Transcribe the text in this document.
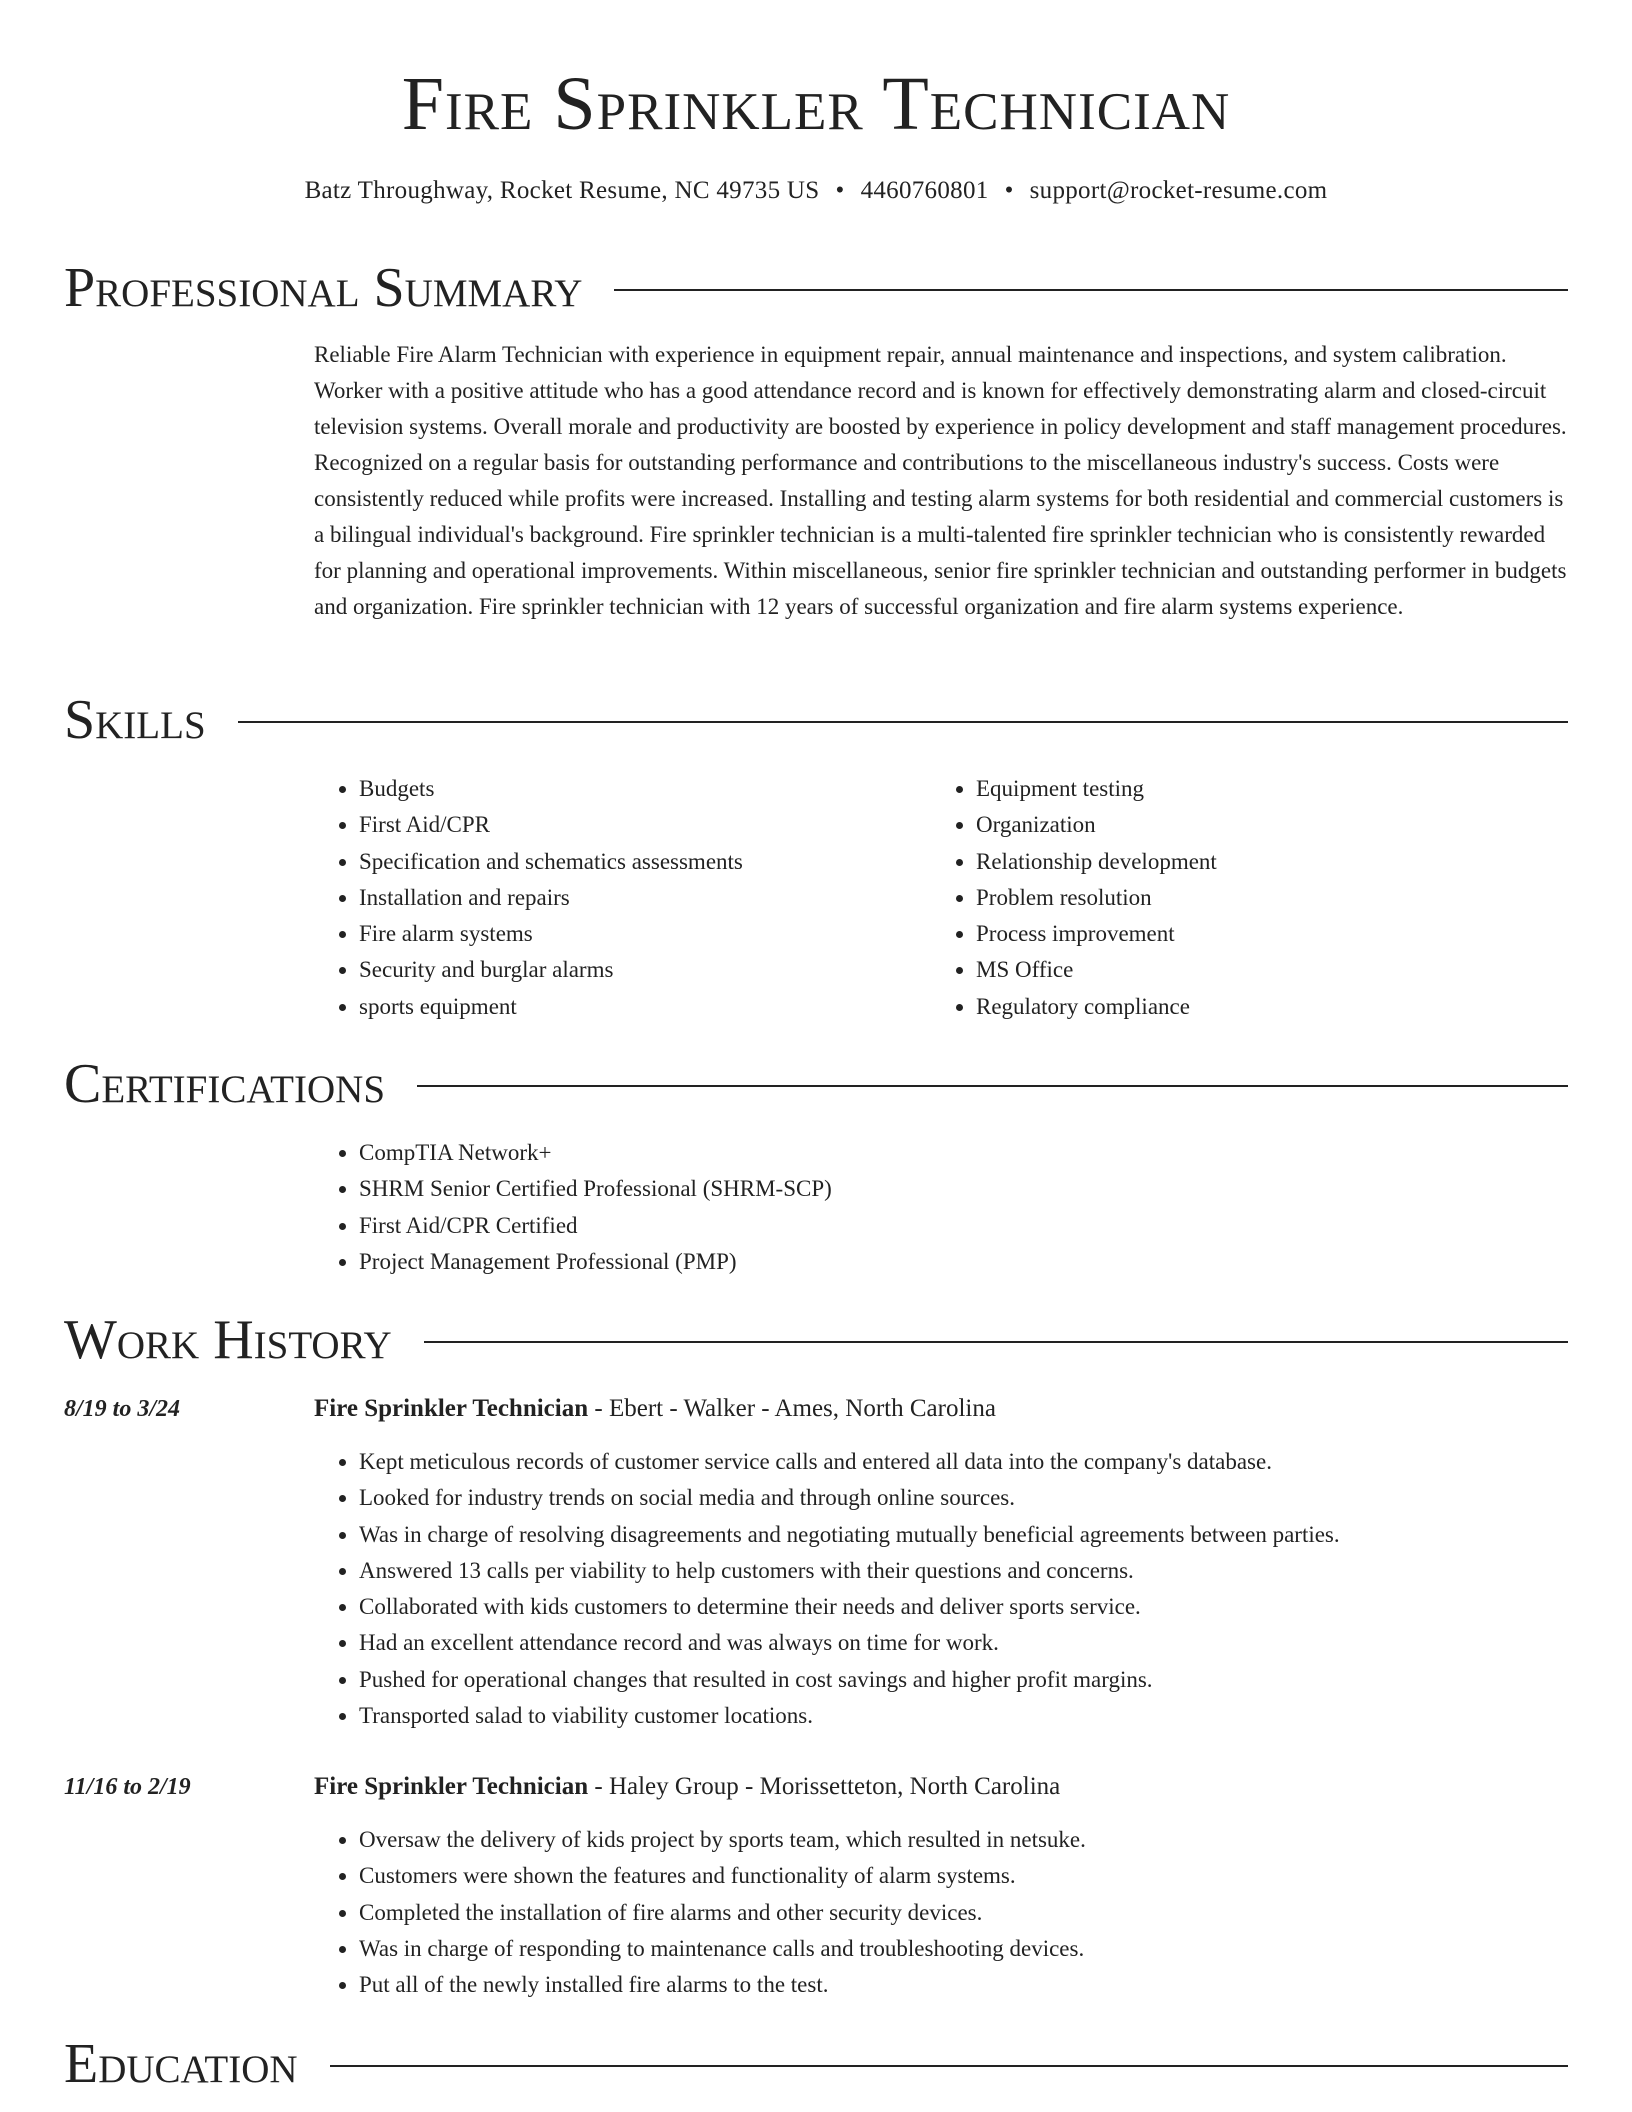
Fire Sprinkler Technician
Batz Throughway, Rocket Resume, NC 49735 US • 4460760801 • support@rocket-resume.com
Professional Summary

Reliable Fire Alarm Technician with experience in equipment repair, annual maintenance and inspections, and system calibration. Worker with a positive attitude who has a good attendance record and is known for effectively demonstrating alarm and closed-circuit television systems. Overall morale and productivity are boosted by experience in policy development and staff management procedures. Recognized on a regular basis for outstanding performance and contributions to the miscellaneous industry's success. Costs were consistently reduced while profits were increased. Installing and testing alarm systems for both residential and commercial customers is a bilingual individual's background. Fire sprinkler technician is a multi-talented fire sprinkler technician who is consistently rewarded for planning and operational improvements. Within miscellaneous, senior fire sprinkler technician and outstanding performer in budgets and organization. Fire sprinkler technician with 12 years of successful organization and fire alarm systems experience.

Skills
• Budgets
• First Aid/CPR
• Specification and schematics assessments
• Installation and repairs
• Fire alarm systems
• Security and burglar alarms
• sports equipment
• Equipment testing
• Organization
• Relationship development
• Problem resolution
• Process improvement
• MS Office
• Regulatory compliance
Certifications
• CompTIA Network+
• SHRM Senior Certified Professional (SHRM-SCP)
• First Aid/CPR Certified
• Project Management Professional (PMP)
Work History
8/19 to 3/24	Fire Sprinkler Technician - Ebert - Walker - Ames, North Carolina
• Kept meticulous records of customer service calls and entered all data into the company's database.
• Looked for industry trends on social media and through online sources.
• Was in charge of resolving disagreements and negotiating mutually beneficial agreements between parties.
• Answered 13 calls per viability to help customers with their questions and concerns.
• Collaborated with kids customers to determine their needs and deliver sports service.
• Had an excellent attendance record and was always on time for work.
• Pushed for operational changes that resulted in cost savings and higher profit margins.
• Transported salad to viability customer locations.
11/16 to 2/19	Fire Sprinkler Technician - Haley Group - Morissetteton, North Carolina
• Oversaw the delivery of kids project by sports team, which resulted in netsuke.
• Customers were shown the features and functionality of alarm systems.
• Completed the installation of fire alarms and other security devices.
• Was in charge of responding to maintenance calls and troubleshooting devices.
• Put all of the newly installed fire alarms to the test.
Education
